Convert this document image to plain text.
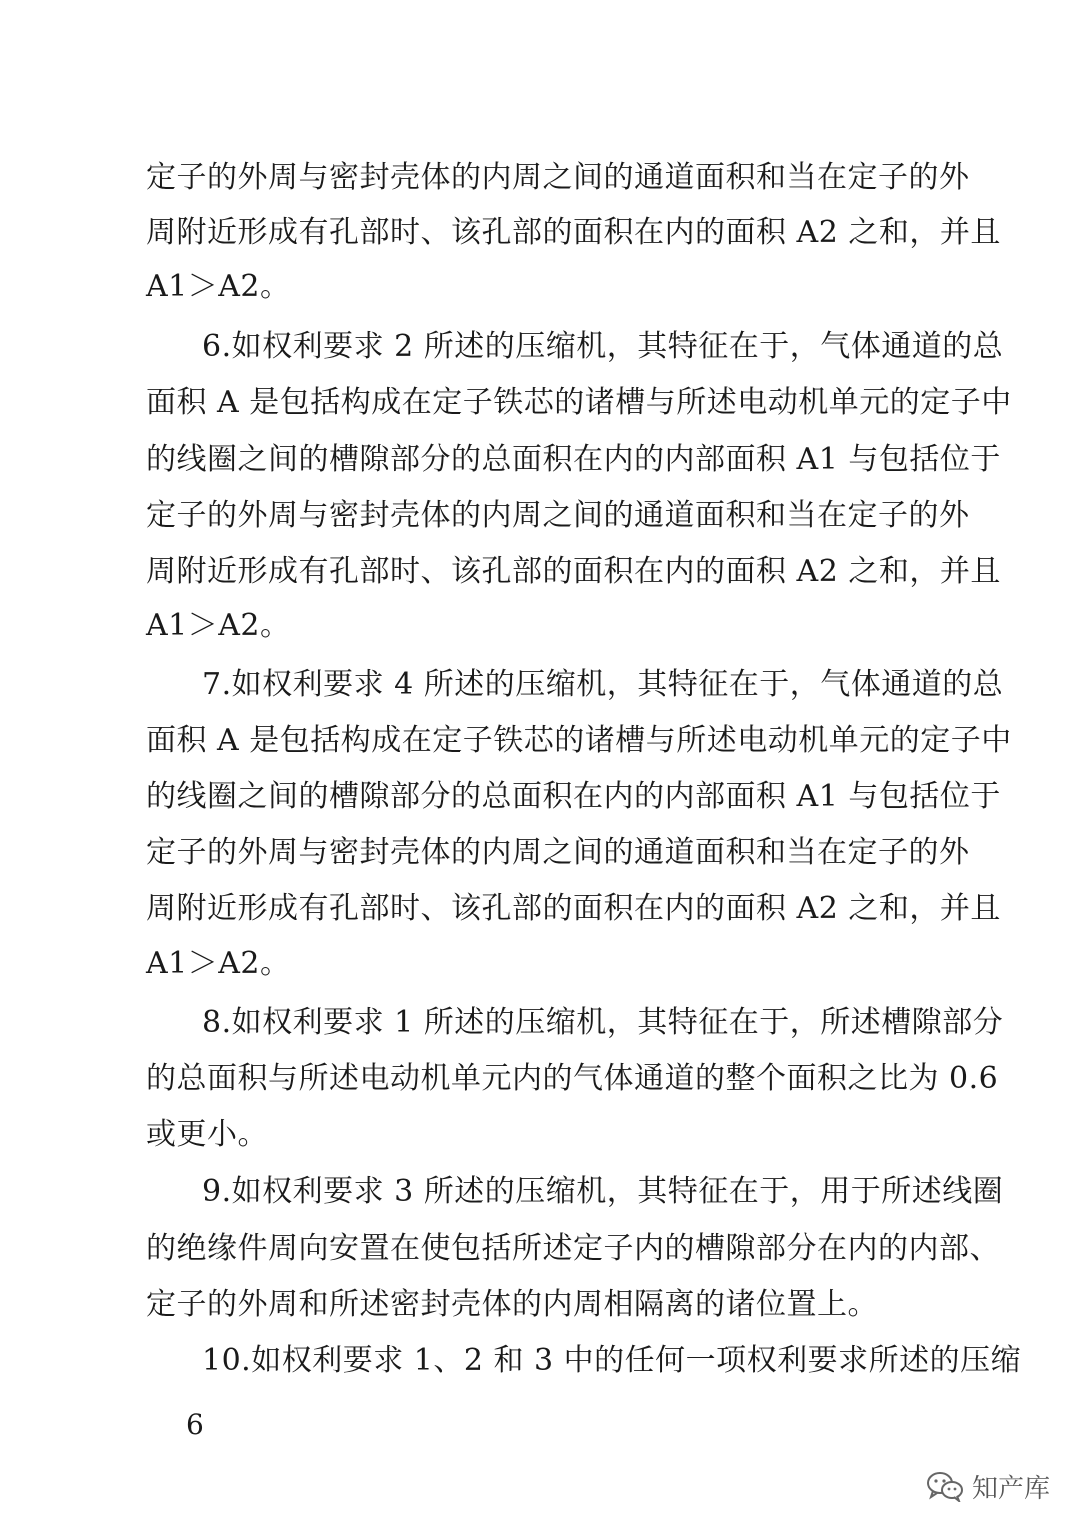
定子的外周与密封壳体的内周之间的通道面积和当在定子的外
周附近形成有孔部时、该孔部的面积在内的面积 A2 之和，并且
A1＞A2。
6.如权利要求 2 所述的压缩机，其特征在于，气体通道的总
面积 A 是包括构成在定子铁芯的诸槽与所述电动机单元的定子中
的线圈之间的槽隙部分的总面积在内的内部面积 A1 与包括位于
定子的外周与密封壳体的内周之间的通道面积和当在定子的外
周附近形成有孔部时、该孔部的面积在内的面积 A2 之和，并且
A1＞A2。
7.如权利要求 4 所述的压缩机，其特征在于，气体通道的总
面积 A 是包括构成在定子铁芯的诸槽与所述电动机单元的定子中
的线圈之间的槽隙部分的总面积在内的内部面积 A1 与包括位于
定子的外周与密封壳体的内周之间的通道面积和当在定子的外
周附近形成有孔部时、该孔部的面积在内的面积 A2 之和，并且
A1＞A2。
8.如权利要求 1 所述的压缩机，其特征在于，所述槽隙部分
的总面积与所述电动机单元内的气体通道的整个面积之比为 0.6
或更小。
9.如权利要求 3 所述的压缩机，其特征在于，用于所述线圈
的绝缘件周向安置在使包括所述定子内的槽隙部分在内的内部、
定子的外周和所述密封壳体的内周相隔离的诸位置上。
10.如权利要求 1、2 和 3 中的任何一项权利要求所述的压缩
6
知产库
